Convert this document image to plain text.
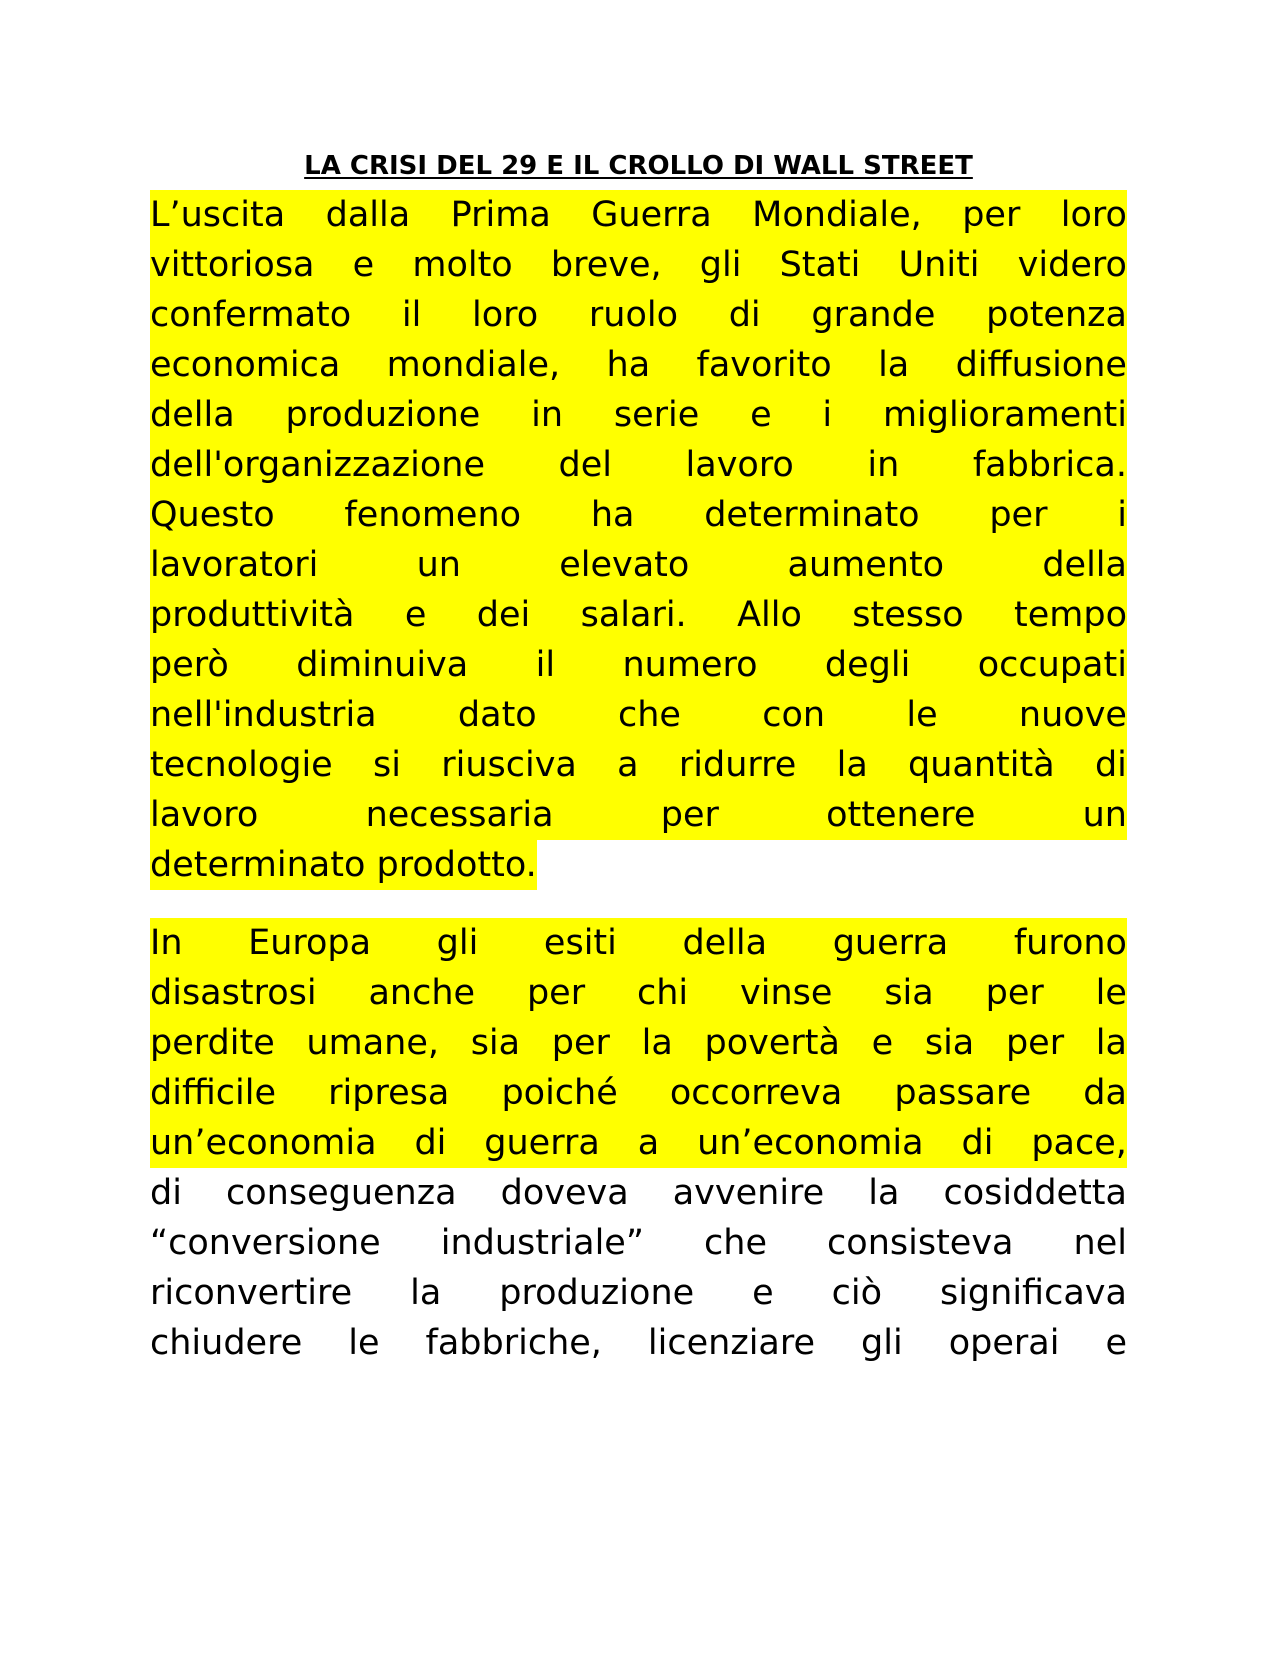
LA CRISI DEL 29 E IL CROLLO DI WALL STREET
L’uscita dalla Prima Guerra Mondiale, per loro
vittoriosa e molto breve, gli Stati Uniti videro
confermato il loro ruolo di grande potenza
economica mondiale, ha favorito la diffusione
della produzione in serie e i miglioramenti
dell'organizzazione del lavoro in fabbrica.
Questo fenomeno ha determinato per i
lavoratori	un	elevato	aumento	della
produttività e dei salari. Allo stesso tempo
però diminuiva il numero degli occupati
nell'industria dato che con le nuove
tecnologie si riusciva a ridurre la quantità di
lavoro	necessaria	per	ottenere	un
determinato prodotto.
In Europa gli esiti della guerra furono
disastrosi anche per chi vinse sia per le
perdite umane, sia per la povertà e sia per la
difficile ripresa poiché occorreva passare da
un’economia di guerra a un’economia di pace,
di conseguenza doveva avvenire la cosiddetta
“conversione industriale” che consisteva nel
riconvertire la produzione e ciò significava
chiudere le fabbriche, licenziare gli operai e
